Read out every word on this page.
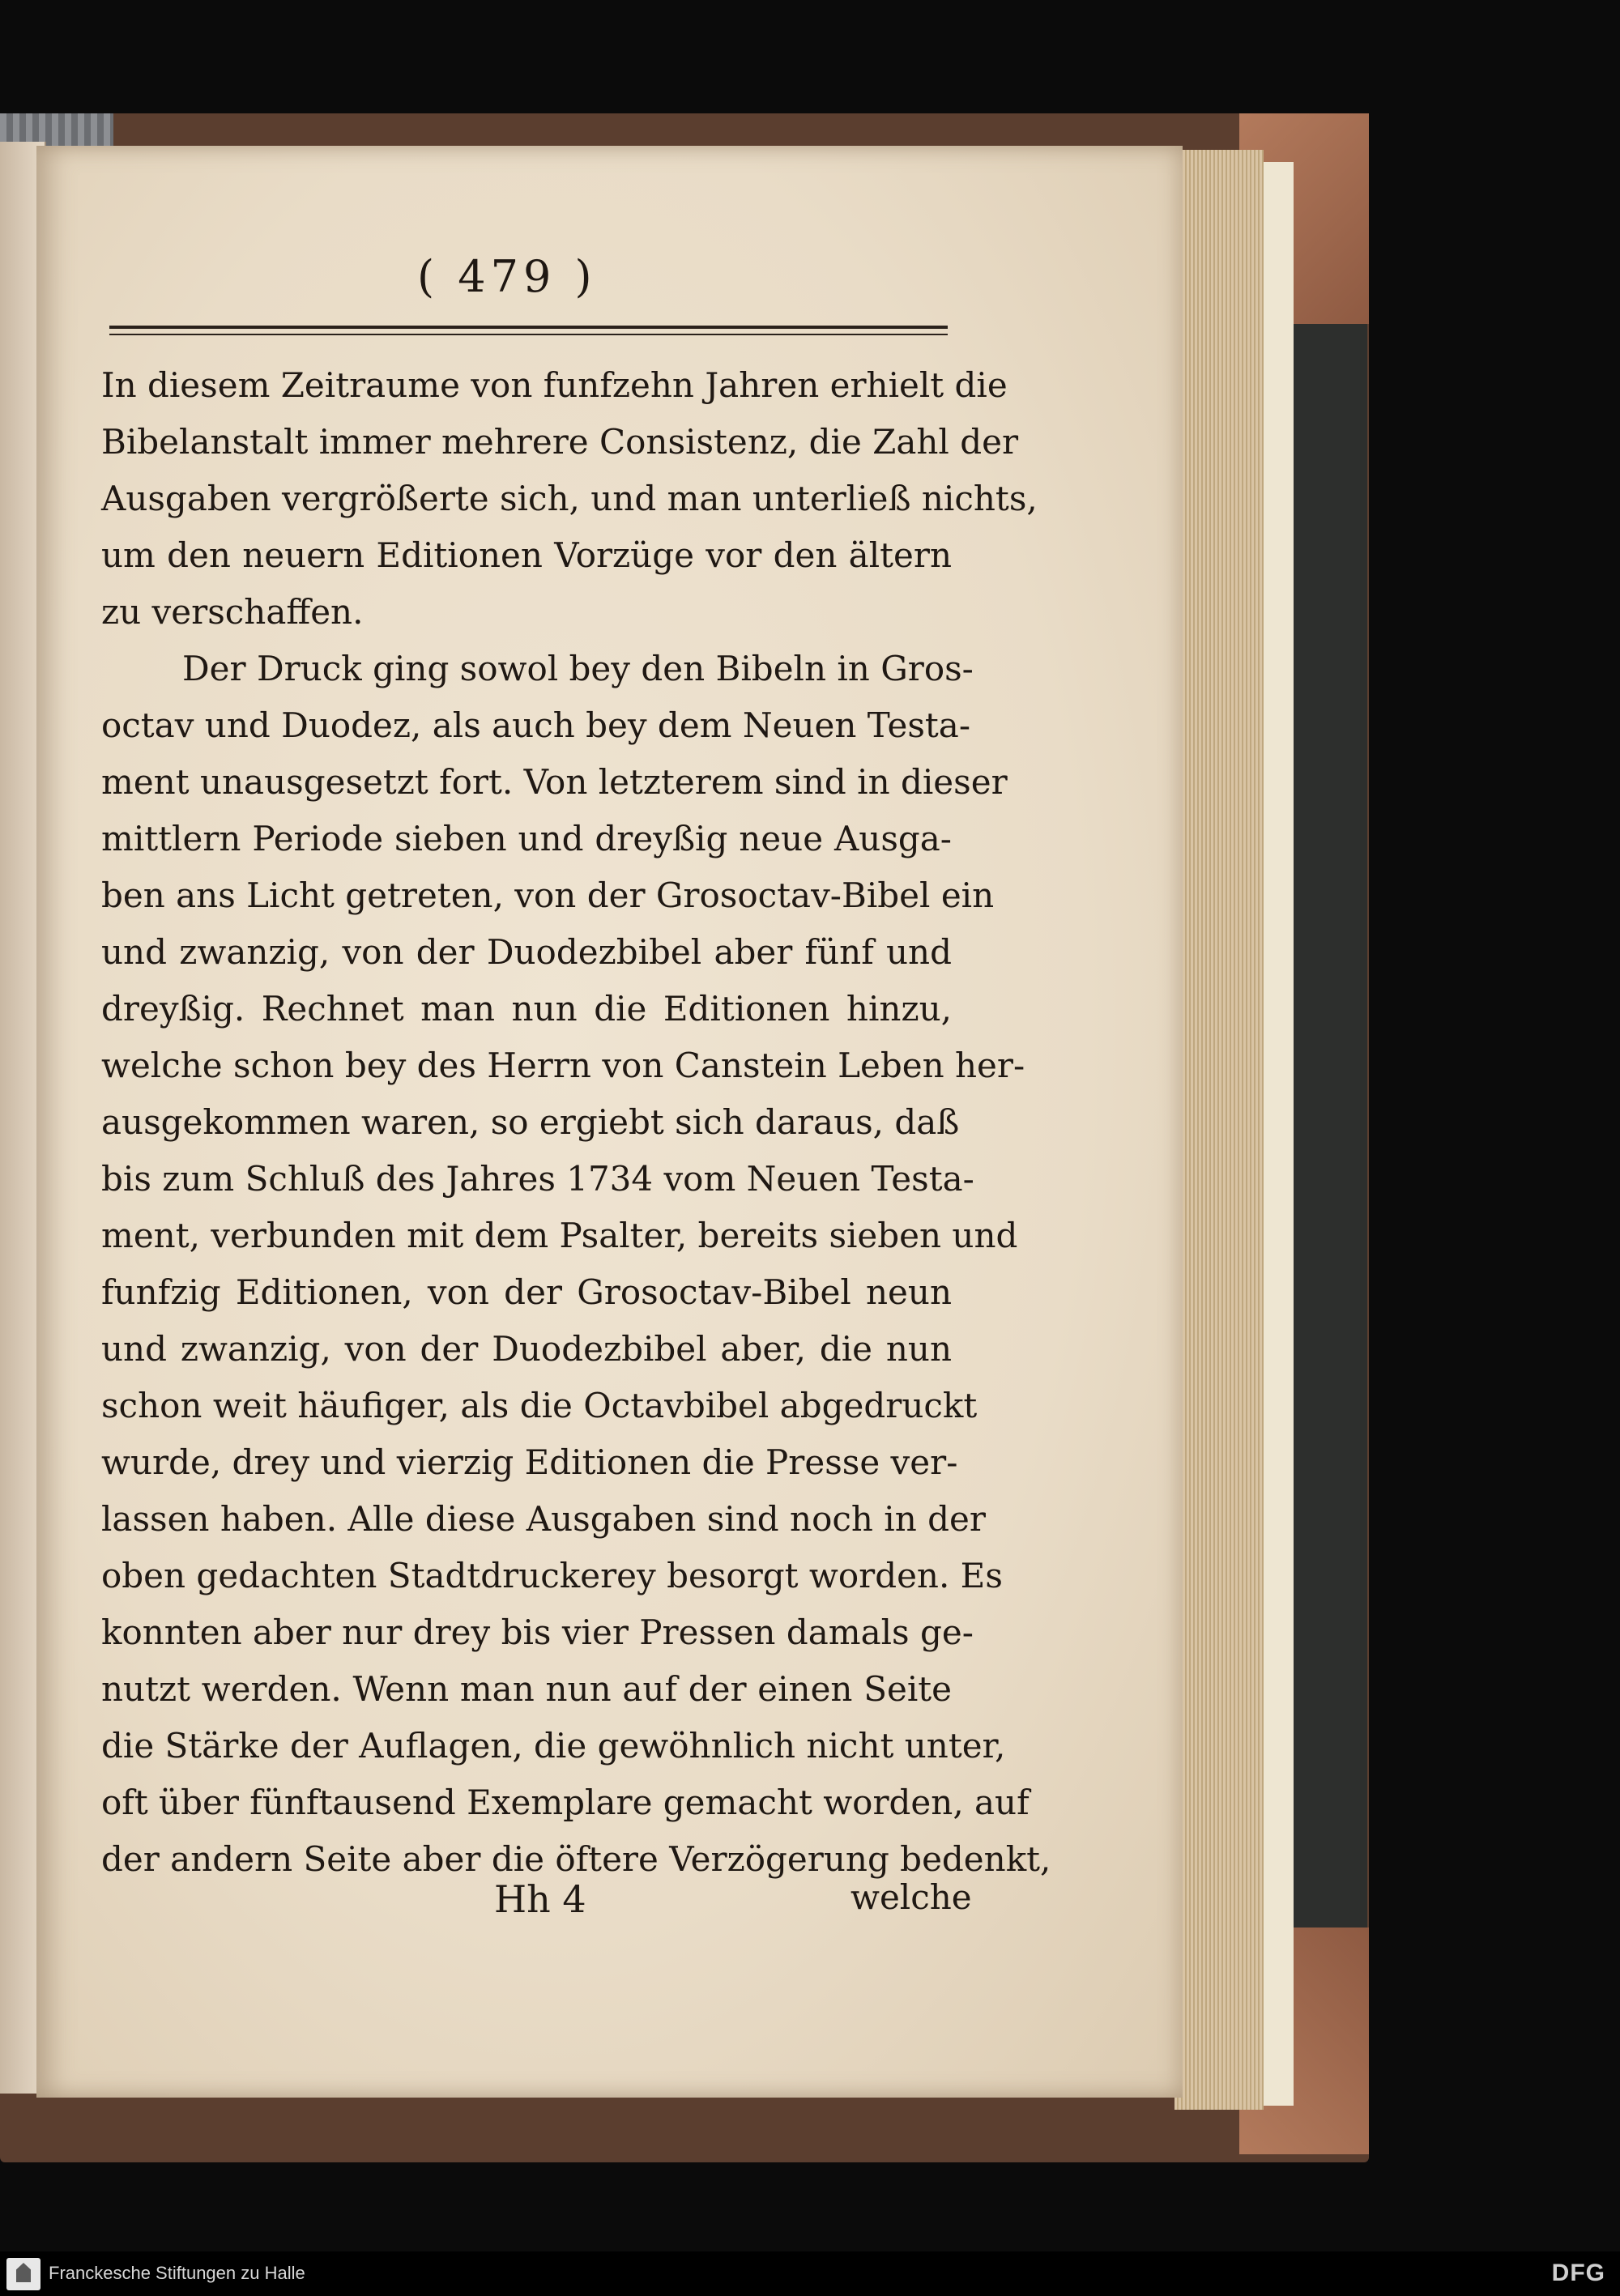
( 479 )
In diesem Zeitraume von funfzehn Jahren erhielt die
Bibelanstalt immer mehrere Consistenz, die Zahl der
Ausgaben vergrößerte sich, und man unterließ nichts,
um den neuern Editionen Vorzüge vor den ältern
zu verschaffen.
Der Druck ging sowol bey den Bibeln in Gros-
octav und Duodez, als auch bey dem Neuen Testa-
ment unausgesetzt fort. Von letzterem sind in dieser
mittlern Periode sieben und dreyßig neue Ausga-
ben ans Licht getreten, von der Grosoctav-Bibel ein
und zwanzig, von der Duodezbibel aber fünf und
dreyßig. Rechnet man nun die Editionen hinzu,
welche schon bey des Herrn von Canstein Leben her-
ausgekommen waren, so ergiebt sich daraus, daß
bis zum Schluß des Jahres 1734 vom Neuen Testa-
ment, verbunden mit dem Psalter, bereits sieben und
funfzig Editionen, von der Grosoctav-Bibel neun
und zwanzig, von der Duodezbibel aber, die nun
schon weit häufiger, als die Octavbibel abgedruckt
wurde, drey und vierzig Editionen die Presse ver-
lassen haben. Alle diese Ausgaben sind noch in der
oben gedachten Stadtdruckerey besorgt worden. Es
konnten aber nur drey bis vier Pressen damals ge-
nutzt werden. Wenn man nun auf der einen Seite
die Stärke der Auflagen, die gewöhnlich nicht unter,
oft über fünftausend Exemplare gemacht worden, auf
der andern Seite aber die öftere Verzögerung bedenkt,
Hh 4	welche
Franckesche Stiftungen zu Halle	DFG
